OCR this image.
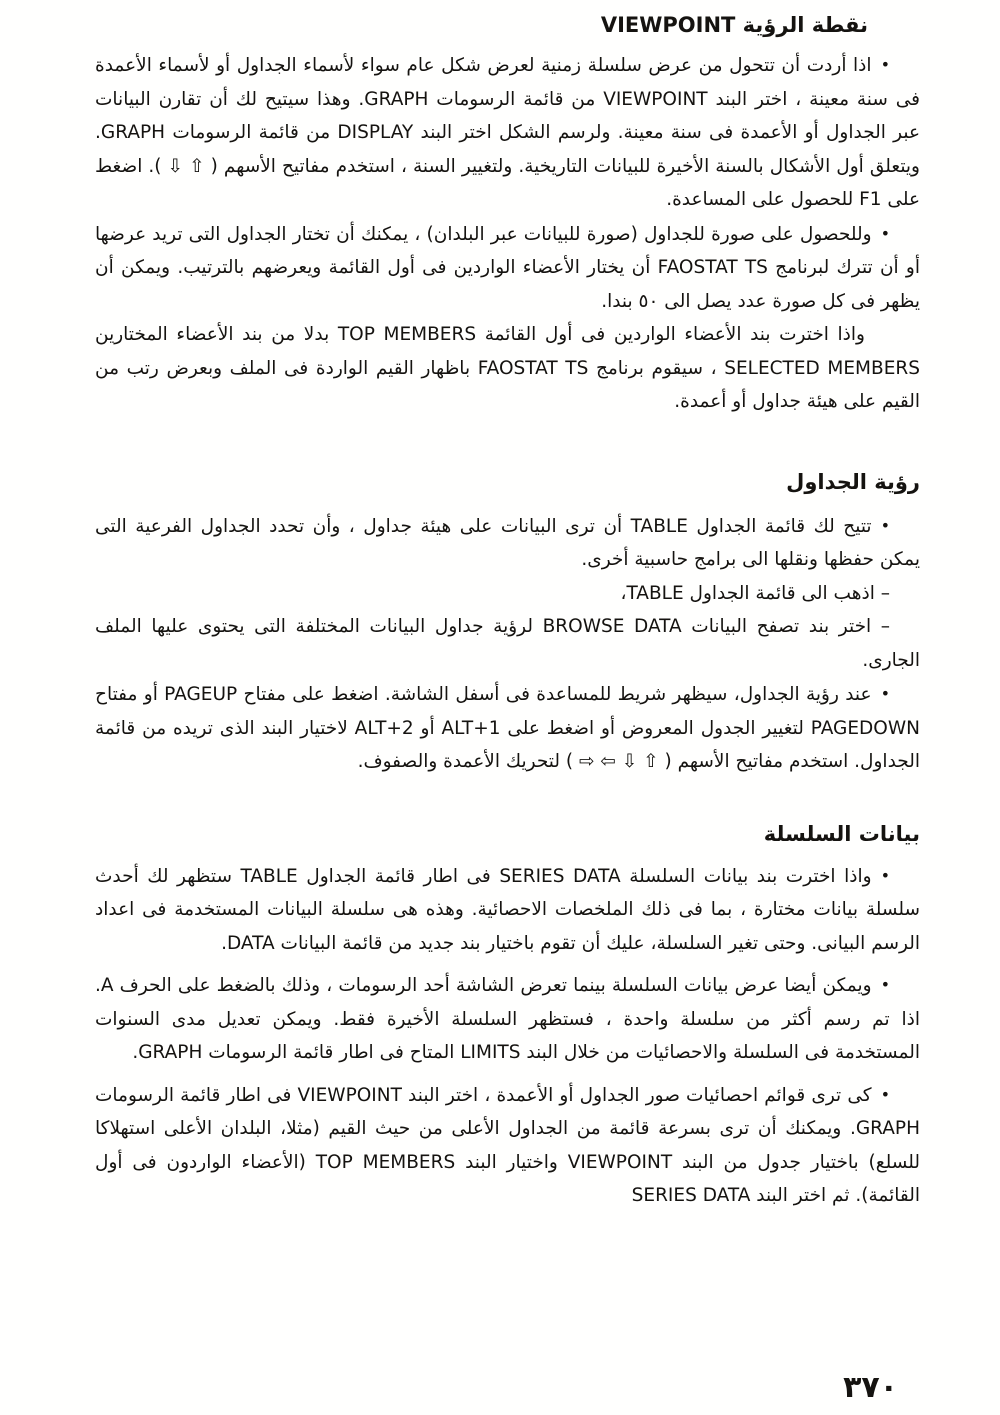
نقطة الرؤية VIEWPOINT

•اذا أردت أن تتحول من عرض سلسلة زمنية لعرض شكل عام سواء لأسماء الجداول أو لأسماء الأعمدة فى سنة معينة ، اختر البند VIEWPOINT من قائمة الرسومات GRAPH. وهذا سيتيح لك أن تقارن البيانات عبر الجداول أو الأعمدة فى سنة معينة. ولرسم الشكل اختر البند DISPLAY من قائمة الرسومات GRAPH. ويتعلق أول الأشكال بالسنة الأخيرة للبيانات التاريخية. ولتغيير السنة ، استخدم مفاتيح الأسهم ( ⇧ ⇩ ). اضغط على F1 للحصول على المساعدة.

•وللحصول على صورة للجداول (صورة للبيانات عبر البلدان) ، يمكنك أن تختار الجداول التى تريد عرضها أو أن تترك لبرنامج FAOSTAT TS أن يختار الأعضاء الواردين فى أول القائمة ويعرضهم بالترتيب. ويمكن أن يظهر فى كل صورة عدد يصل الى ٥٠ بندا.

واذا اخترت بند الأعضاء الواردين فى أول القائمة TOP MEMBERS بدلا من بند الأعضاء المختارين SELECTED MEMBERS ، سيقوم برنامج FAOSTAT TS باظهار القيم الواردة فى الملف وبعرض رتب من القيم على هيئة جداول أو أعمدة.

رؤية الجداول

•تتيح لك قائمة الجداول TABLE أن ترى البيانات على هيئة جداول ، وأن تحدد الجداول الفرعية التى يمكن حفظها ونقلها الى برامج حاسبية أخرى.

– اذهب الى قائمة الجداول TABLE،

– اختر بند تصفح البيانات BROWSE DATA لرؤية جداول البيانات المختلفة التى يحتوى عليها الملف الجارى.

•عند رؤية الجداول، سيظهر شريط للمساعدة فى أسفل الشاشة. اضغط على مفتاح PAGEUP أو مفتاح PAGEDOWN لتغيير الجدول المعروض أو اضغط على ALT+1 أو ALT+2 لاختيار البند الذى تريده من قائمة الجداول. استخدم مفاتيح الأسهم ( ⇧ ⇩ ⇦ ⇨ ) لتحريك الأعمدة والصفوف.

بيانات السلسلة

•واذا اخترت بند بيانات السلسلة SERIES DATA فى اطار قائمة الجداول TABLE ستظهر لك أحدث سلسلة بيانات مختارة ، بما فى ذلك الملخصات الاحصائية. وهذه هى سلسلة البيانات المستخدمة فى اعداد الرسم البيانى. وحتى تغير السلسلة، عليك أن تقوم باختيار بند جديد من قائمة البيانات DATA.

•ويمكن أيضا عرض بيانات السلسلة بينما تعرض الشاشة أحد الرسومات ، وذلك بالضغط على الحرف A. اذا تم رسم أكثر من سلسلة واحدة ، فستظهر السلسلة الأخيرة فقط. ويمكن تعديل مدى السنوات المستخدمة فى السلسلة والاحصائيات من خلال البند LIMITS المتاح فى اطار قائمة الرسومات GRAPH.

•كى ترى قوائم احصائيات صور الجداول أو الأعمدة ، اختر البند VIEWPOINT فى اطار قائمة الرسومات GRAPH. ويمكنك أن ترى بسرعة قائمة من الجداول الأعلى من حيث القيم (مثلا، البلدان الأعلى استهلاكا للسلع) باختيار جدول من البند VIEWPOINT واختيار البند TOP MEMBERS (الأعضاء الواردون فى أول القائمة). ثم اختر البند SERIES DATA

٣٧٠
